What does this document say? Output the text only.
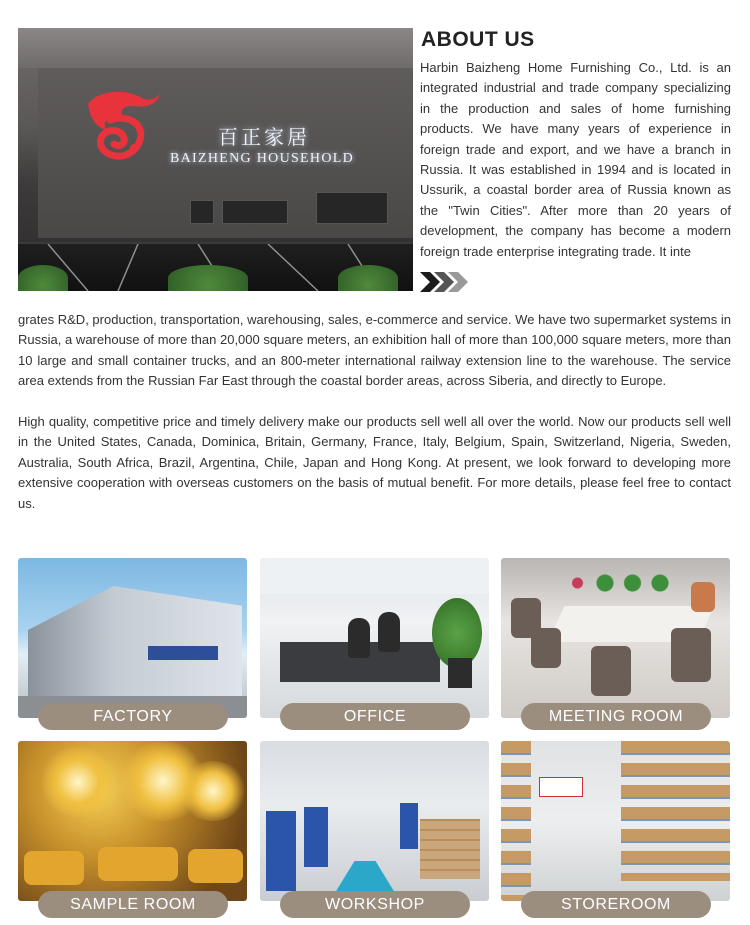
百正家居
BAIZHENG HOUSEHOLD
ABOUT US

Harbin Baizheng Home Furnishing Co., Ltd. is an integrated industrial and trade company specializing in the production and sales of home furnishing products. We have many years of experience in foreign trade and export, and we have a branch in Russia. It was established in 1994 and is located in Ussurik, a coastal border area of Russia known as the "Twin Cities". After more than 20 years of development, the company has become a modern foreign trade enterprise integrating trade. It inte

grates R&D, production, transportation, warehousing, sales, e-commerce and service. We have two supermarket systems in Russia, a warehouse of more than 20,000 square meters, an exhibition hall of more than 100,000 square meters, more than 10 large and small container trucks, and an 800-meter international railway extension line to the warehouse. The service area extends from the Russian Far East through the coastal border areas, across Siberia, and directly to Europe.

High quality, competitive price and timely delivery make our products sell well all over the world. Now our products sell well in the United States, Canada, Dominica, Britain, Germany, France, Italy, Belgium, Spain, Switzerland, Nigeria, Sweden, Australia, South Africa, Brazil, Argentina, Chile, Japan and Hong Kong. At present, we look forward to developing more extensive cooperation with overseas customers on the basis of mutual benefit. For more details, please feel free to contact us.

FACTORY	OFFICE	MEETING ROOM
SAMPLE ROOM	WORKSHOP	STOREROOM
